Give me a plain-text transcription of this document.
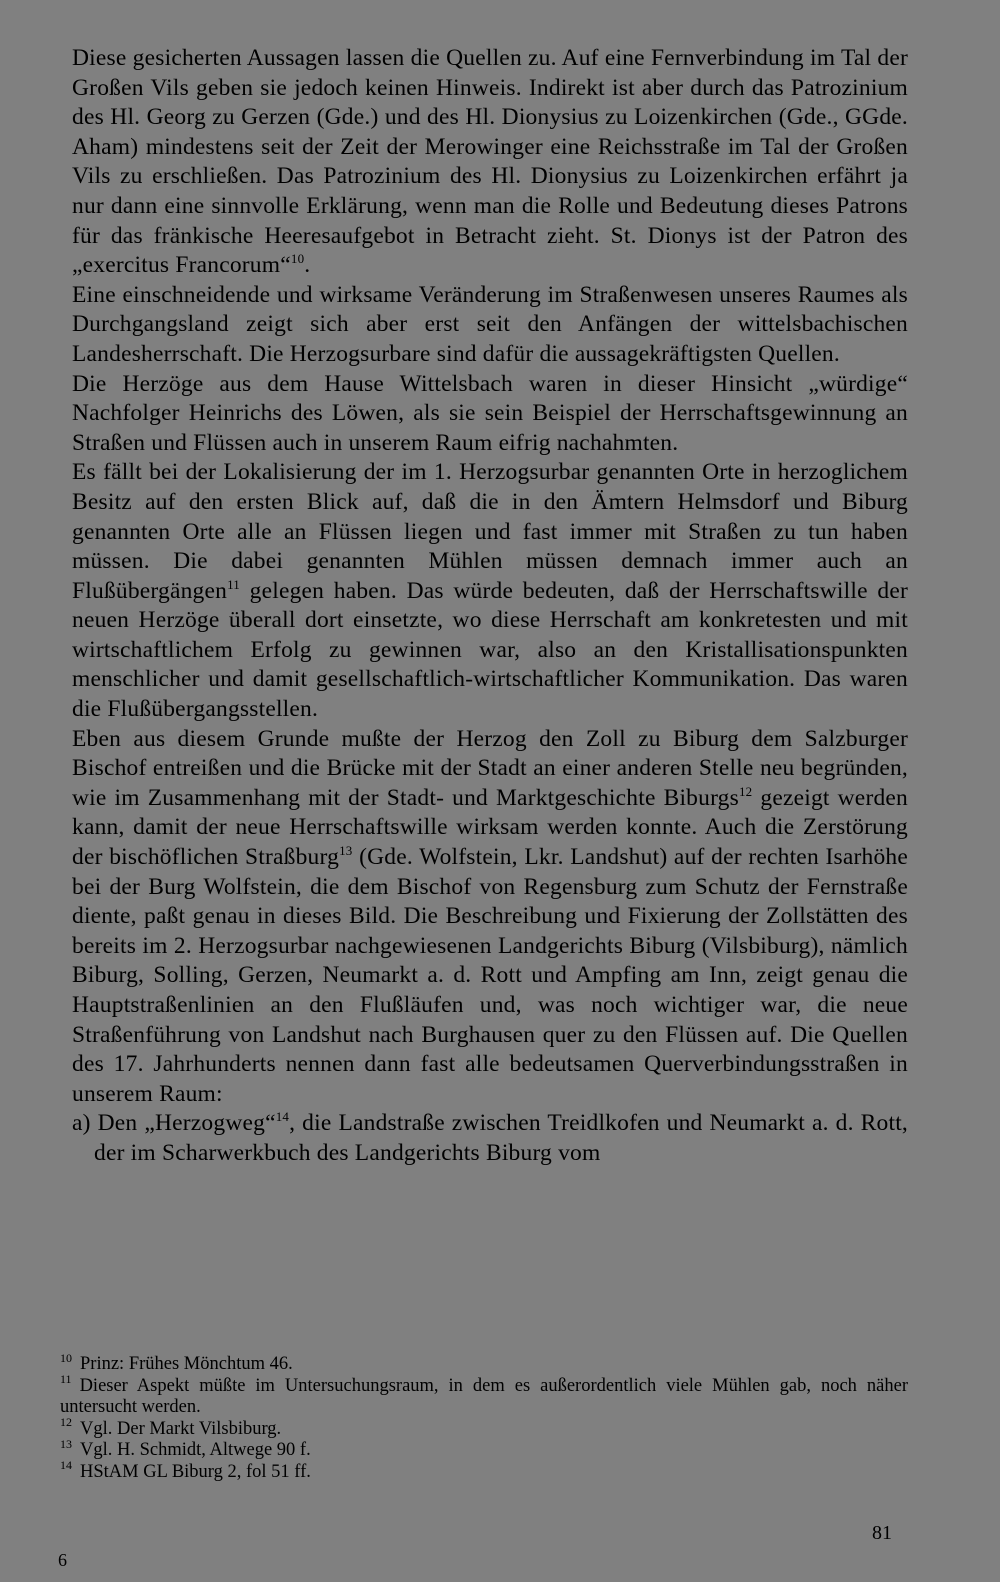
Diese gesicherten Aussagen lassen die Quellen zu. Auf eine Fernverbindung im Tal der Großen Vils geben sie jedoch keinen Hinweis. Indirekt ist aber durch das Patrozinium des Hl. Georg zu Gerzen (Gde.) und des Hl. Dionysius zu Loizenkirchen (Gde., GGde. Aham) mindestens seit der Zeit der Merowinger eine Reichsstraße im Tal der Großen Vils zu erschließen. Das Patrozinium des Hl. Dionysius zu Loizenkirchen erfährt ja nur dann eine sinnvolle Erklärung, wenn man die Rolle und Bedeutung dieses Patrons für das fränkische Heeresaufgebot in Betracht zieht. St. Dionys ist der Patron des „exercitus Francorum“$^{10}$.

Eine einschneidende und wirksame Veränderung im Straßenwesen unseres Raumes als Durchgangsland zeigt sich aber erst seit den Anfängen der wittelsbachischen Landesherrschaft. Die Herzogsurbare sind dafür die aussagekräftigsten Quellen.

Die Herzöge aus dem Hause Wittelsbach waren in dieser Hinsicht „würdige“ Nachfolger Heinrichs des Löwen, als sie sein Beispiel der Herrschaftsgewinnung an Straßen und Flüssen auch in unserem Raum eifrig nachahmten.

Es fällt bei der Lokalisierung der im 1. Herzogsurbar genannten Orte in herzoglichem Besitz auf den ersten Blick auf, daß die in den Ämtern Helmsdorf und Biburg genannten Orte alle an Flüssen liegen und fast immer mit Straßen zu tun haben müssen. Die dabei genannten Mühlen müssen demnach immer auch an Flußübergängen$^{11}$ gelegen haben. Das würde bedeuten, daß der Herrschaftswille der neuen Herzöge überall dort einsetzte, wo diese Herrschaft am konkretesten und mit wirtschaftlichem Erfolg zu gewinnen war, also an den Kristallisationspunkten menschlicher und damit gesellschaftlich-wirtschaftlicher Kommunikation. Das waren die Flußübergangsstellen.

Eben aus diesem Grunde mußte der Herzog den Zoll zu Biburg dem Salzburger Bischof entreißen und die Brücke mit der Stadt an einer anderen Stelle neu begründen, wie im Zusammenhang mit der Stadt- und Marktgeschichte Biburgs$^{12}$ gezeigt werden kann, damit der neue Herrschaftswille wirksam werden konnte. Auch die Zerstörung der bischöflichen Straßburg$^{13}$ (Gde. Wolfstein, Lkr. Landshut) auf der rechten Isarhöhe bei der Burg Wolfstein, die dem Bischof von Regensburg zum Schutz der Fernstraße diente, paßt genau in dieses Bild. Die Beschreibung und Fixierung der Zollstätten des bereits im 2. Herzogsurbar nachgewiesenen Landgerichts Biburg (Vilsbiburg), nämlich Biburg, Solling, Gerzen, Neumarkt a. d. Rott und Ampfing am Inn, zeigt genau die Hauptstraßenlinien an den Flußläufen und, was noch wichtiger war, die neue Straßenführung von Landshut nach Burghausen quer zu den Flüssen auf. Die Quellen des 17. Jahrhunderts nennen dann fast alle bedeutsamen Querverbindungsstraßen in unserem Raum:

a) Den „Herzogweg“$^{14}$, die Landstraße zwischen Treidlkofen und Neumarkt a. d. Rott, der im Scharwerkbuch des Landgerichts Biburg vom

$^{10}$ Prinz: Frühes Mönchtum 46.

$^{11}$ Dieser Aspekt müßte im Untersuchungsraum, in dem es außerordentlich viele Mühlen gab, noch näher untersucht werden.

$^{12}$ Vgl. Der Markt Vilsbiburg.

$^{13}$ Vgl. H. Schmidt, Altwege 90 f.

$^{14}$ HStAM GL Biburg 2, fol 51 ff.

81
6
